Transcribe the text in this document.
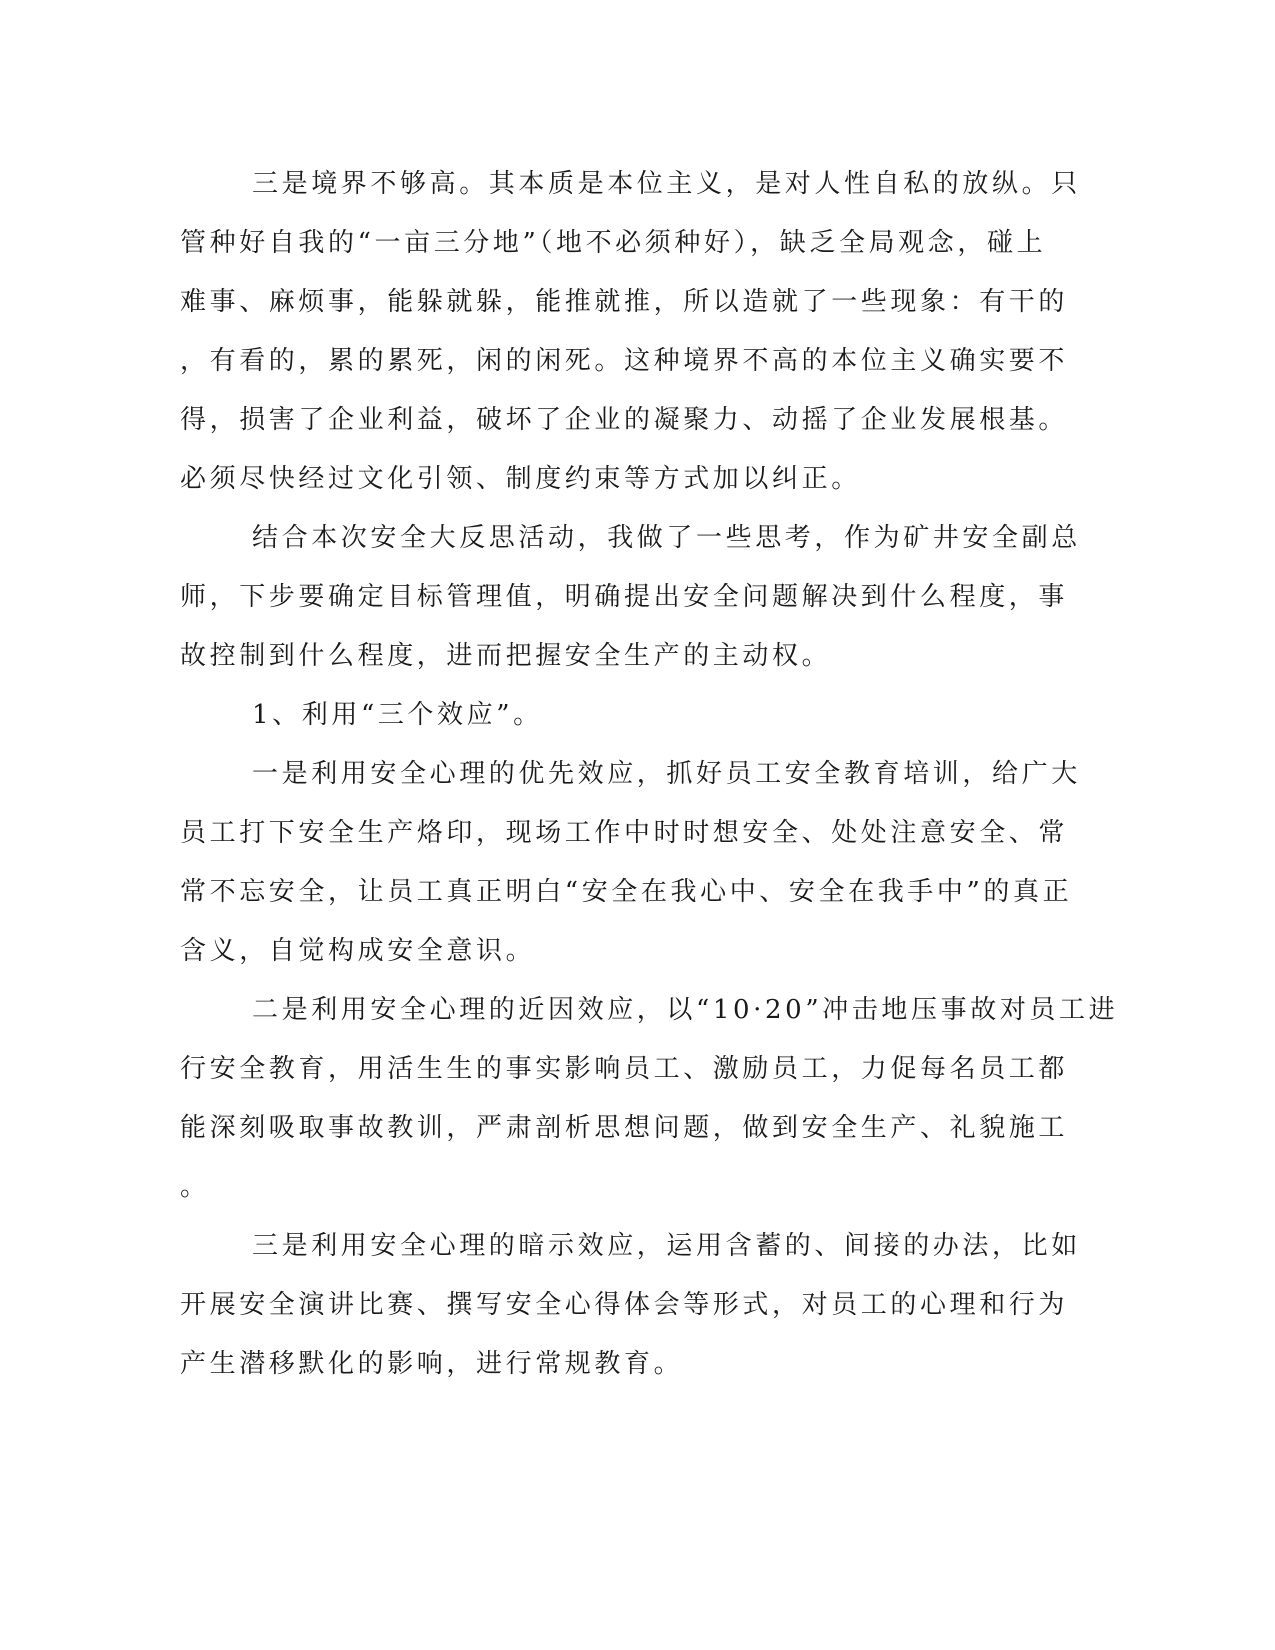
三是境界不够高。其本质是本位主义，是对人性自私的放纵。只
管种好自我的“一亩三分地”（地不必须种好），缺乏全局观念，碰上
难事、麻烦事，能躲就躲，能推就推，所以造就了一些现象：有干的
，有看的，累的累死，闲的闲死。这种境界不高的本位主义确实要不
得，损害了企业利益，破坏了企业的凝聚力、动摇了企业发展根基。
必须尽快经过文化引领、制度约束等方式加以纠正。
结合本次安全大反思活动，我做了一些思考，作为矿井安全副总
师，下步要确定目标管理值，明确提出安全问题解决到什么程度，事
故控制到什么程度，进而把握安全生产的主动权。
1、利用“三个效应”。
一是利用安全心理的优先效应，抓好员工安全教育培训，给广大
员工打下安全生产烙印，现场工作中时时想安全、处处注意安全、常
常不忘安全，让员工真正明白“安全在我心中、安全在我手中”的真正
含义，自觉构成安全意识。
二是利用安全心理的近因效应，以“10·20”冲击地压事故对员工进
行安全教育，用活生生的事实影响员工、激励员工，力促每名员工都
能深刻吸取事故教训，严肃剖析思想问题，做到安全生产、礼貌施工
。
三是利用安全心理的暗示效应，运用含蓄的、间接的办法，比如
开展安全演讲比赛、撰写安全心得体会等形式，对员工的心理和行为
产生潜移默化的影响，进行常规教育。
